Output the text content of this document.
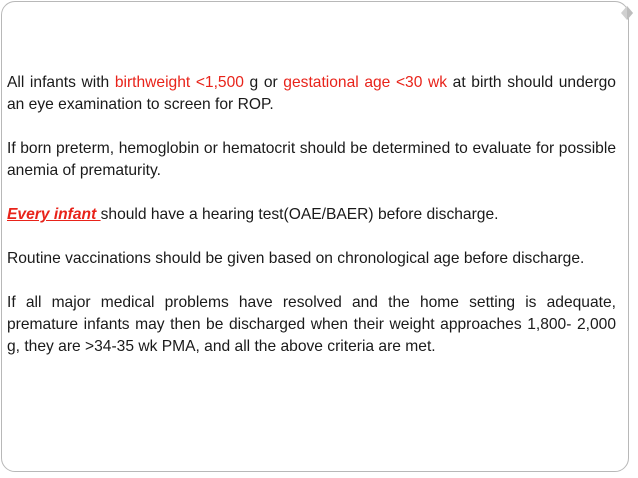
All infants with birthweight <1,500 g or gestational age <30 wk at birth should undergo an eye examination to screen for ROP.

If born preterm, hemoglobin or hematocrit should be determined to evaluate for possible anemia of prematurity.

Every infant should have a hearing test(OAE/BAER) before discharge.

Routine vaccinations should be given based on chronological age before discharge.

If all major medical problems have resolved and the home setting is adequate, premature infants may then be discharged when their weight approaches 1,800- 2,000 g, they are >34-35 wk PMA, and all the above criteria are met.
